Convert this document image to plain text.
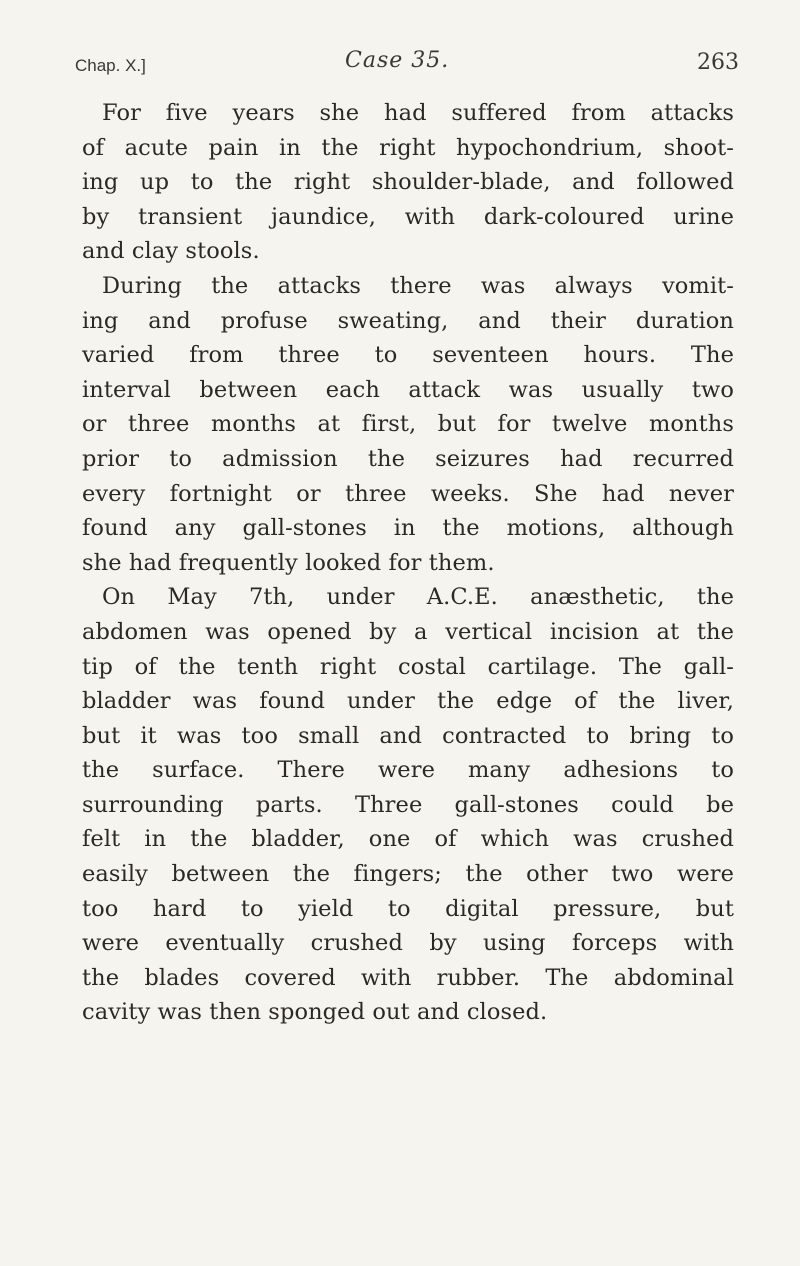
Chap. X.]	Case 35.	263
For five years she had suffered from attacks
of acute pain in the right hypochondrium, shoot-
ing up to the right shoulder-blade, and followed
by transient jaundice, with dark-coloured urine
and clay stools.
During the attacks there was always vomit-
ing and profuse sweating, and their duration
varied from three to seventeen hours. The
interval between each attack was usually two
or three months at first, but for twelve months
prior to admission the seizures had recurred
every fortnight or three weeks. She had never
found any gall-stones in the motions, although
she had frequently looked for them.
On May 7th, under A.C.E. anæsthetic, the
abdomen was opened by a vertical incision at the
tip of the tenth right costal cartilage. The gall-
bladder was found under the edge of the liver,
but it was too small and contracted to bring to
the surface. There were many adhesions to
surrounding parts. Three gall-stones could be
felt in the bladder, one of which was crushed
easily between the fingers; the other two were
too hard to yield to digital pressure, but
were eventually crushed by using forceps with
the blades covered with rubber. The abdominal
cavity was then sponged out and closed.
